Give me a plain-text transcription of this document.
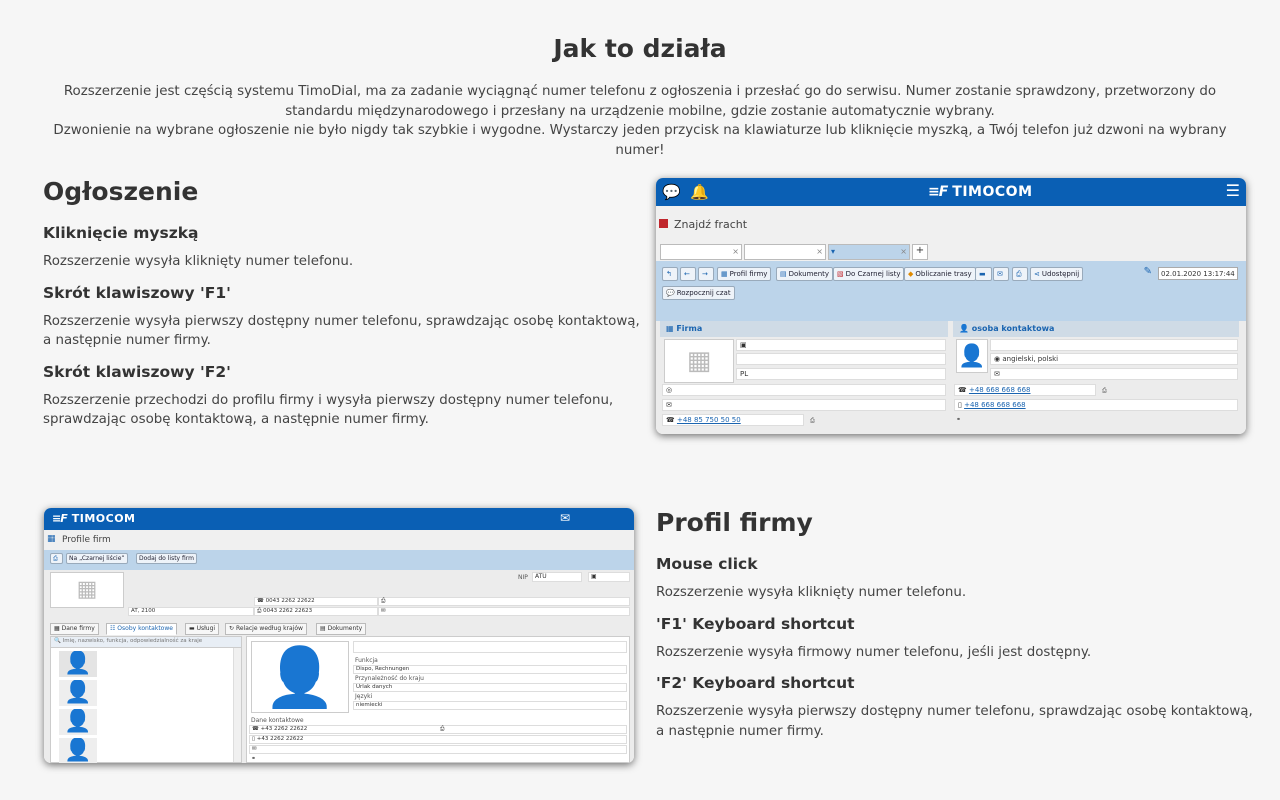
Jak to działa
Rozszerzenie jest częścią systemu TimoDial, ma za zadanie wyciągnąć numer telefonu z ogłoszenia i przesłać go do serwisu. Numer zostanie sprawdzony, przetworzony do standardu międzynarodowego i przesłany na urządzenie mobilne, gdzie zostanie automatycznie wybrany.
Dzwonienie na wybrane ogłoszenie nie było nigdy tak szybkie i wygodne. Wystarczy jeden przycisk na klawiaturze lub kliknięcie myszką, a Twój telefon już dzwoni na wybrany numer!
Ogłoszenie
Kliknięcie myszką

Rozszerzenie wysyła kliknięty numer telefonu.

Skrót klawiszowy 'F1'

Rozszerzenie wysyła pierwszy dostępny numer telefonu, sprawdzając osobę kontaktową, a następnie numer firmy.

Skrót klawiszowy 'F2'

Rozszerzenie przechodzi do profilu firmy i wysyła pierwszy dostępny numer telefonu, sprawdzając osobę kontaktową, a następnie numer firmy.

Profil firmy
Mouse click

Rozszerzenie wysyła kliknięty numer telefonu.

'F1' Keyboard shortcut

Rozszerzenie wysyła firmowy numer telefonu, jeśli jest dostępny.

'F2' Keyboard shortcut

Rozszerzenie wysyła pierwszy dostępny numer telefonu, sprawdzając osobę kontaktową, a następnie numer firmy.

💬 🔔	≡F TIMOCOM	☰
Znajdź fracht
×	× ▾	× +
↰	←	→	▦ Profil firmy	▤ Dokumenty	▧ Do Czarnej listy	◆ Obliczanie trasy	▬	✉	⎙	⋖ Udostępnij	✎	02.01.2020 13:17:44
💬 Rozpocznij czat
▦ Firma
▦
▣
PL
◎
✉
☎ +48 85 750 50 50	⎙
👤 osoba kontaktowa
👤	◉ angielski, polski
✉
☎ +48 668 668 668	⎙
▯ +48 668 668 668
⚭
≡F TIMOCOM	✉
▦ Profile firm
⎙	Na „Czarnej liście”	Dodaj do listy firm
▦	NIP	ATU	▣
☎ 0043 2262 22622	⎙
AT, 2100	⎙ 0043 2262 22623	✉
▦ Dane firmy	☷ Osoby kontaktowe	▬ Usługi	↻ Relacje według krajów	▤ Dokumenty
🔍 Imię, nazwisko, funkcja, odpowiedzialność za kraje
👤
👤
👤
👤
👤	Funkcja
Dispo, Rechnungen
Przynależność do kraju
Urlak danych
Języki
niemiecki
Dane kontaktowe
☎ +43 2262 22622	⎙
▯ +43 2262 22622
✉
⚭
